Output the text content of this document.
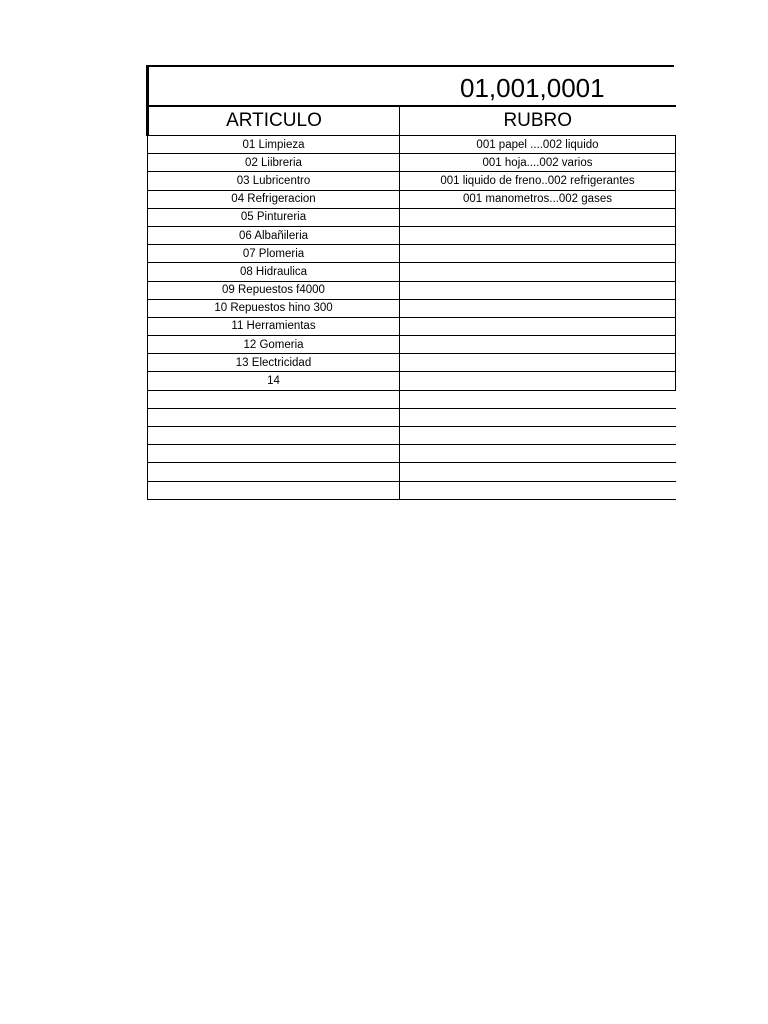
01,001,0001
ARTICULO	RUBRO
01 Limpieza	001 papel ....002 liquido
02 Liibreria	001 hoja....002 varios
03 Lubricentro	001 liquido de freno..002 refrigerantes
04 Refrigeracion	001 manometros...002 gases
05 Pintureria	
06 Albañileria	
07 Plomeria	
08 Hidraulica	
09 Repuestos f4000	
10 Repuestos hino 300	
11 Herramientas	
12 Gomeria	
13 Electricidad	
14	
